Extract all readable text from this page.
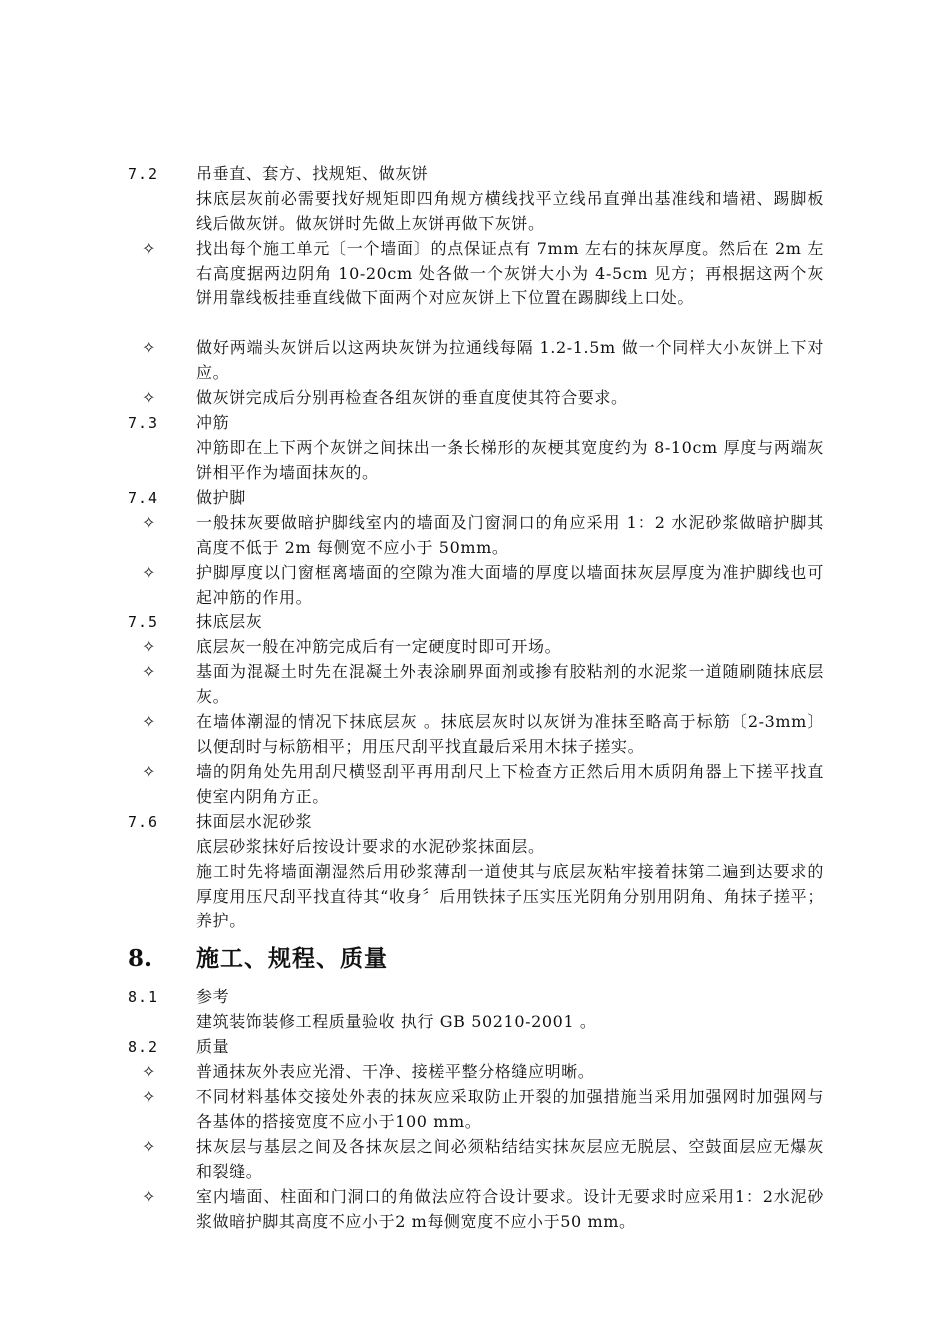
7.2 吊垂直、套方、找规矩、做灰饼
抹底层灰前必需要找好规矩即四角规方横线找平立线吊直弹出基准线和墙裙、踢脚板线后做灰饼。做灰饼时先做上灰饼再做下灰饼。
✧	找出每个施工单元〔一个墙面〕的点保证点有 7mm 左右的抹灰厚度。然后在 2m 左右高度据两边阴角 10-20cm 处各做一个灰饼大小为 4-5cm 见方；再根据这两个灰饼用靠线板挂垂直线做下面两个对应灰饼上下位置在踢脚线上口处。
✧	做好两端头灰饼后以这两块灰饼为拉通线每隔 1.2-1.5m 做一个同样大小灰饼上下对应。
✧	做灰饼完成后分别再检查各组灰饼的垂直度使其符合要求。
7.3 冲筋
冲筋即在上下两个灰饼之间抹出一条长梯形的灰梗其宽度约为 8-10cm 厚度与两端灰饼相平作为墙面抹灰的。
7.4 做护脚
✧	一般抹灰要做暗护脚线室内的墙面及门窗洞口的角应采用 1：2 水泥砂浆做暗护脚其高度不低于 2m 每侧宽不应小于 50mm。
✧	护脚厚度以门窗框离墙面的空隙为准大面墙的厚度以墙面抹灰层厚度为准护脚线也可起冲筋的作用。
7.5 抹底层灰
✧	底层灰一般在冲筋完成后有一定硬度时即可开场。
✧	基面为混凝土时先在混凝土外表涂刷界面剂或掺有胶粘剂的水泥浆一道随刷随抹底层灰。
✧	在墙体潮湿的情况下抹底层灰 。抹底层灰时以灰饼为准抹至略高于标筋〔2-3mm〕以便刮时与标筋相平；用压尺刮平找直最后采用木抹子搓实。
✧	墙的阴角处先用刮尺横竖刮平再用刮尺上下检查方正然后用木质阴角器上下搓平找直使室内阴角方正。
7.6 抹面层水泥砂浆
底层砂浆抹好后按设计要求的水泥砂浆抹面层。
施工时先将墙面潮湿然后用砂浆薄刮一道使其与底层灰粘牢接着抹第二遍到达要求的厚度用压尺刮平找直待其“收身〞后用铁抹子压实压光阴角分别用阴角、角抹子搓平；养护。
8. 施工、规程、质量
8.1 参考
建筑装饰装修工程质量验收 执行 GB 50210-2001 。
8.2 质量
✧	普通抹灰外表应光滑、干净、接槎平整分格缝应明晰。
✧	不同材料基体交接处外表的抹灰应采取防止开裂的加强措施当采用加强网时加强网与各基体的搭接宽度不应小于100 mm。
✧	抹灰层与基层之间及各抹灰层之间必须粘结结实抹灰层应无脱层、空鼓面层应无爆灰和裂缝。
✧	室内墙面、柱面和门洞口的角做法应符合设计要求。设计无要求时应采用1：2水泥砂浆做暗护脚其高度不应小于2 m每侧宽度不应小于50 mm。
